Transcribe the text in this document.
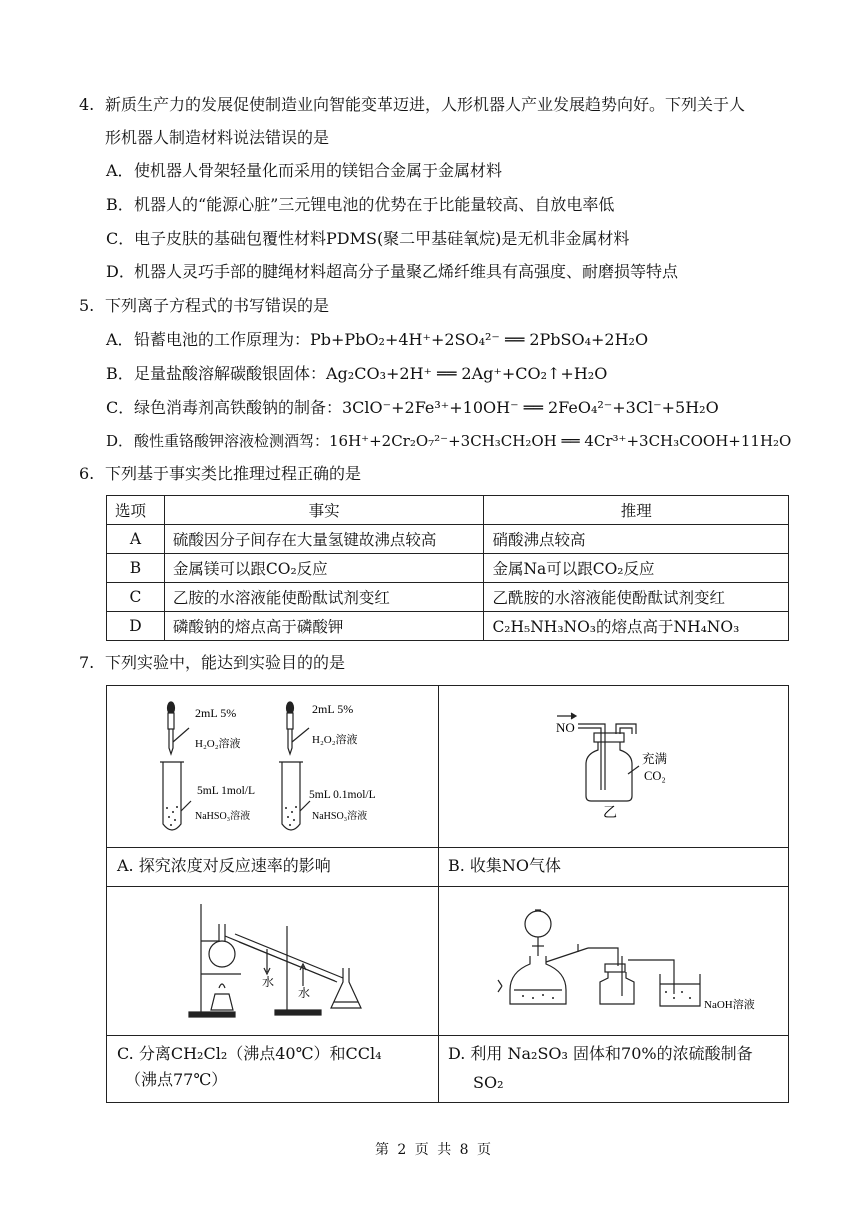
4. 新质生产力的发展促使制造业向智能变革迈进，人形机器人产业发展趋势向好。下列关于人
形机器人制造材料说法错误的是
A．使机器人骨架轻量化而采用的镁铝合金属于金属材料
B．机器人的“能源心脏”三元锂电池的优势在于比能量较高、自放电率低
C．电子皮肤的基础包覆性材料PDMS(聚二甲基硅氧烷)是无机非金属材料
D．机器人灵巧手部的腱绳材料超高分子量聚乙烯纤维具有高强度、耐磨损等特点
5. 下列离子方程式的书写错误的是
A．铅蓄电池的工作原理为：Pb+PbO₂+4H⁺+2SO₄²⁻ ══ 2PbSO₄+2H₂O
B．足量盐酸溶解碳酸银固体：Ag₂CO₃+2H⁺ ══ 2Ag⁺+CO₂↑+H₂O
C．绿色消毒剂高铁酸钠的制备：3ClO⁻+2Fe³⁺+10OH⁻ ══ 2FeO₄²⁻+3Cl⁻+5H₂O
D．酸性重铬酸钾溶液检测酒驾：16H⁺+2Cr₂O₇²⁻+3CH₃CH₂OH ══ 4Cr³⁺+3CH₃COOH+11H₂O
6. 下列基于事实类比推理过程正确的是
选项	事实	推理
A	硫酸因分子间存在大量氢键故沸点较高	硝酸沸点较高
B	金属镁可以跟CO₂反应	金属Na可以跟CO₂反应
C	乙胺的水溶液能使酚酞试剂变红	乙酰胺的水溶液能使酚酞试剂变红
D	磷酸钠的熔点高于磷酸钾	C₂H₅NH₃NO₃的熔点高于NH₄NO₃
7. 下列实验中，能达到实验目的的是
2mL 5%
H₂O₂溶液
2mL 5%
H₂O₂溶液
5mL 1mol/L
NaHSO₃溶液
5mL 0.1mol/L
NaHSO₃溶液
NO
充满
CO₂
乙
A. 探究浓度对反应速率的影响	B. 收集NO气体
水
水
NaOH溶液
C. 分离CH₂Cl₂（沸点40℃）和CCl₄
（沸点77℃）
D. 利用 Na₂SO₃ 固体和70%的浓硫酸制备
SO₂
第 2 页 共 8 页
